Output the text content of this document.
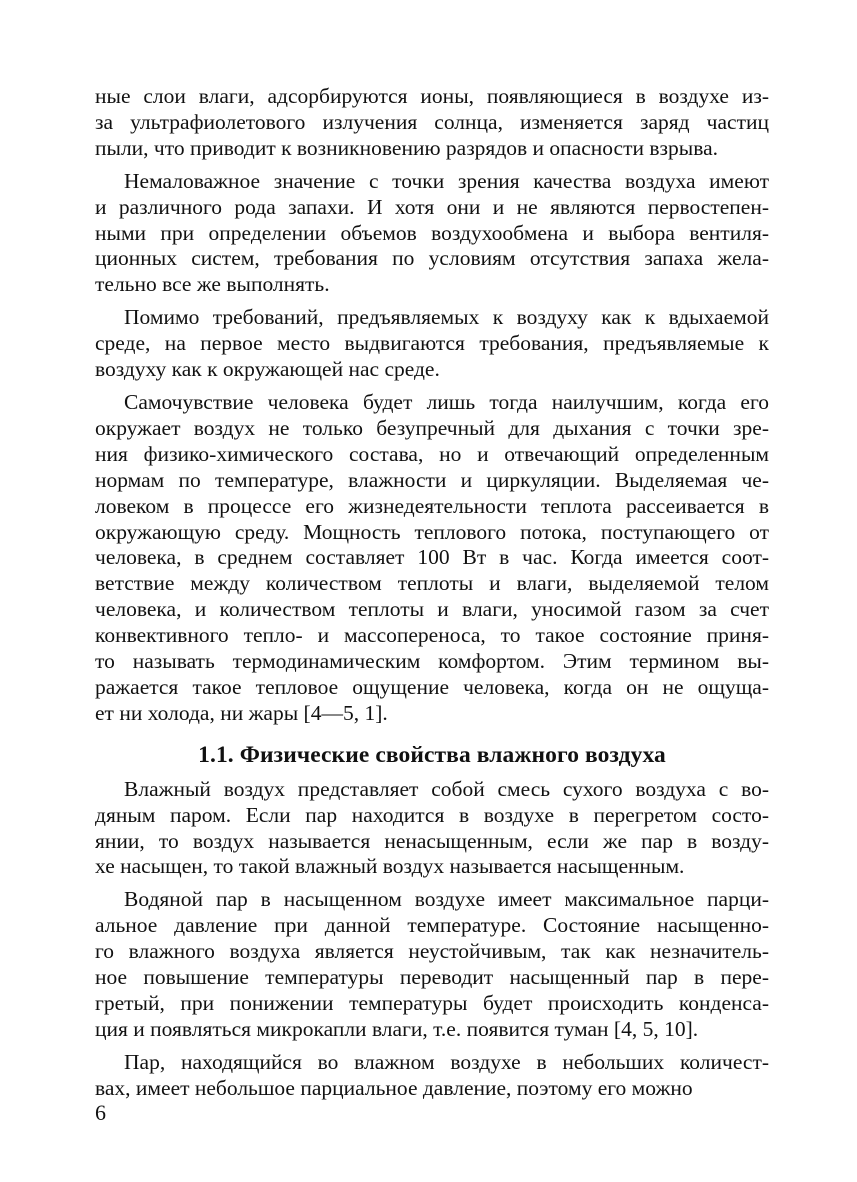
ные слои влаги, адсорбируются ионы, появляющиеся в воздухе из-
за ультрафиолетового излучения солнца, изменяется заряд частиц
пыли, что приводит к возникновению разрядов и опасности взрыва.
Немаловажное значение с точки зрения качества воздуха имеют
и различного рода запахи. И хотя они и не являются первостепен-
ными при определении объемов воздухообмена и выбора вентиля-
ционных систем, требования по условиям отсутствия запаха жела-
тельно все же выполнять.
Помимо требований, предъявляемых к воздуху как к вдыхаемой
среде, на первое место выдвигаются требования, предъявляемые к
воздуху как к окружающей нас среде.
Самочувствие человека будет лишь тогда наилучшим, когда его
окружает воздух не только безупречный для дыхания с точки зре-
ния физико-химического состава, но и отвечающий определенным
нормам по температуре, влажности и циркуляции. Выделяемая че-
ловеком в процессе его жизнедеятельности теплота рассеивается в
окружающую среду. Мощность теплового потока, поступающего от
человека, в среднем составляет 100 Вт в час. Когда имеется соот-
ветствие между количеством теплоты и влаги, выделяемой телом
человека, и количеством теплоты и влаги, уносимой газом за счет
конвективного тепло- и массопереноса, то такое состояние приня-
то называть термодинамическим комфортом. Этим термином вы-
ражается такое тепловое ощущение человека, когда он не ощуща-
ет ни холода, ни жары [4—5, 1].
1.1. Физические свойства влажного воздуха
Влажный воздух представляет собой смесь сухого воздуха с во-
дяным паром. Если пар находится в воздухе в перегретом состо-
янии, то воздух называется ненасыщенным, если же пар в возду-
хе насыщен, то такой влажный воздух называется насыщенным.
Водяной пар в насыщенном воздухе имеет максимальное парци-
альное давление при данной температуре. Состояние насыщенно-
го влажного воздуха является неустойчивым, так как незначитель-
ное повышение температуры переводит насыщенный пар в пере-
гретый, при понижении температуры будет происходить конденса-
ция и появляться микрокапли влаги, т.е. появится туман [4, 5, 10].
Пар, находящийся во влажном воздухе в небольших количест-
вах, имеет небольшое парциальное давление, поэтому его можно
6
